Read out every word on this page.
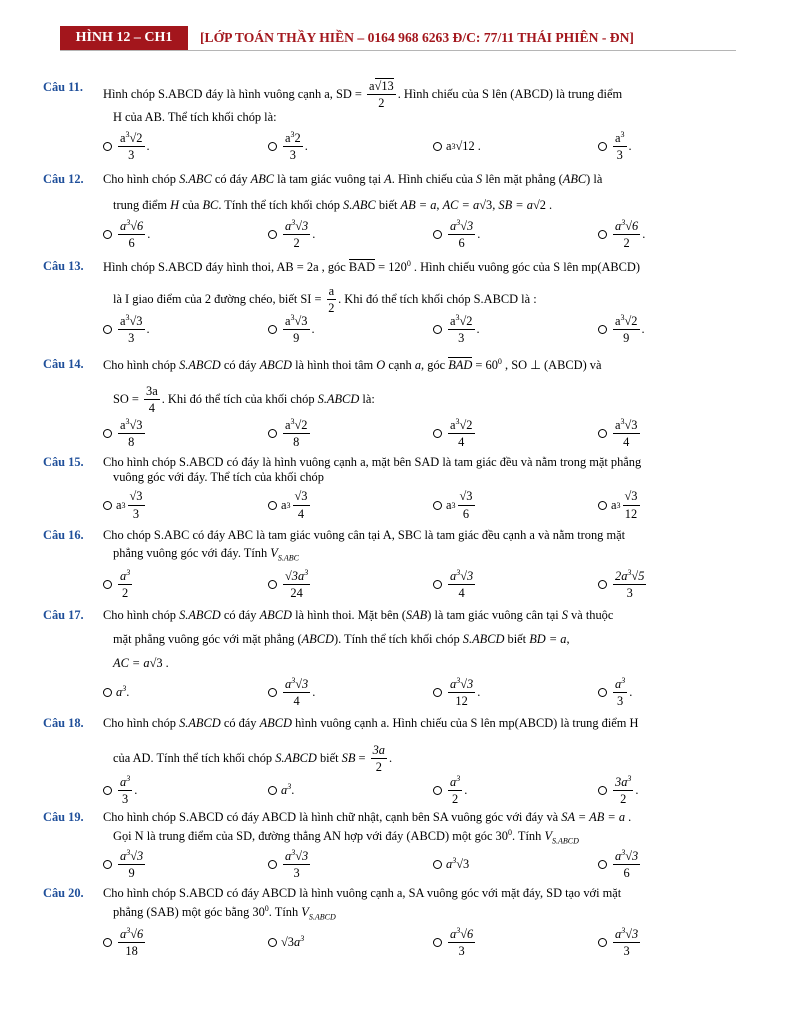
HÌNH 12 – CH1	[LỚP TOÁN THẦY HIỀN – 0164 968 6263 Đ/C: 77/11 THÁI PHIÊN - ĐN]
Câu 11. Hình chóp S.ABCD đáy là hình vuông cạnh a, SD = $\frac{a√13}{2}$ . Hình chiếu của S lên (ABCD) là trung điểm
H của AB. Thể tích khối chóp là:
$\frac{a^3√2}{3}$ .	$\frac{a^32}{3}$ .	a 3 √12 .	$\frac{a^3}{3}$ .
Câu 12. Cho hình chóp S.ABC có đáy ABC là tam giác vuông tại A. Hình chiếu của S lên mặt phẳng (ABC) là
trung điểm H của BC. Tính thể tích khối chóp S.ABC biết AB = a, AC = a√3, SB = a√2 .
$\frac{a^3√6}{6}$ .	$\frac{a^3√3}{2}$ .	$\frac{a^3√3}{6}$ .	$\frac{a^3√6}{2}$ .
Câu 13. Hình chóp S.ABCD đáy hình thoi, AB = 2a , góc BAD = $120^0$ . Hình chiếu vuông góc của S lên mp(ABCD)
là I giao điểm của 2 đường chéo, biết SI = $\frac{a}{2}$ . Khi đó thể tích khối chóp S.ABCD là :
$\frac{a^3√3}{3}$ .	$\frac{a^3√3}{9}$ .	$\frac{a^3√2}{3}$ .	$\frac{a^3√2}{9}$ .
Câu 14. Cho hình chóp S.ABCD có đáy ABCD là hình thoi tâm O cạnh a, góc BAD = $60^0$ , SO ⊥ (ABCD) và
SO = $\frac{3a}{4}$ . Khi đó thể tích của khối chóp S.ABCD là:
$\frac{a^3√3}{8}$	$\frac{a^3√2}{8}$	$\frac{a^3√2}{4}$	$\frac{a^3√3}{4}$
Câu 15. Cho hình chóp S.ABCD có đáy là hình vuông cạnh a, mặt bên SAD là tam giác đều và nằm trong mặt phẳng
vuông góc với đáy. Thể tích của khối chóp
a $3 \frac{√3}{3}$	a $3 \frac{√3}{4}$	a $3 \frac{√3}{6}$	a $3 \frac{√3}{12}$
Câu 16. Cho chóp S.ABC có đáy ABC là tam giác vuông cân tại A, SBC là tam giác đều cạnh a và nằm trong mặt
phẳng vuông góc với đáy. Tính $V_{S.ABC}$
$\frac{a^3}{2}$	$\frac{√3a^3}{24}$	$\frac{a^3√3}{4}$	$\frac{2a^3√5}{3}$
Câu 17. Cho hình chóp S.ABCD có đáy ABCD là hình thoi. Mặt bên (SAB) là tam giác vuông cân tại S và thuộc
mặt phẳng vuông góc với mặt phẳng (ABCD). Tính thể tích khối chóp S.ABCD biết BD = a,
AC = a√3 .
$a^3$ .	$\frac{a^3√3}{4}$ .	$\frac{a^3√3}{12}$ .	$\frac{a^3}{3}$ .
Câu 18. Cho hình chóp S.ABCD có đáy ABCD hình vuông cạnh a. Hình chiếu của S lên mp(ABCD) là trung điểm H
của AD. Tính thể tích khối chóp S.ABCD biết SB = $\frac{3a}{2}$ .
$\frac{a^3}{3}$ .	$a^3$ .	$\frac{a^3}{2}$ .	$\frac{3a^3}{2}$ .
Câu 19. Cho hình chóp S.ABCD có đáy ABCD là hình chữ nhật, cạnh bên SA vuông góc với đáy và SA = AB = a .
Gọi N là trung điểm của SD, đường thẳng AN hợp với đáy (ABCD) một góc $30^0$. Tính $V_{S.ABCD}$
$\frac{a^3√3}{9}$	$\frac{a^3√3}{3}$	$a^3$ √3	$\frac{a^3√3}{6}$
Câu 20. Cho hình chóp S.ABCD có đáy ABCD là hình vuông cạnh a, SA vuông góc với mặt đáy, SD tạo với mặt
phẳng (SAB) một góc bằng $30^0$. Tính $V_{S.ABCD}$
$\frac{a^3√6}{18}$	√3 $a^3$	$\frac{a^3√6}{3}$	$\frac{a^3√3}{3}$
